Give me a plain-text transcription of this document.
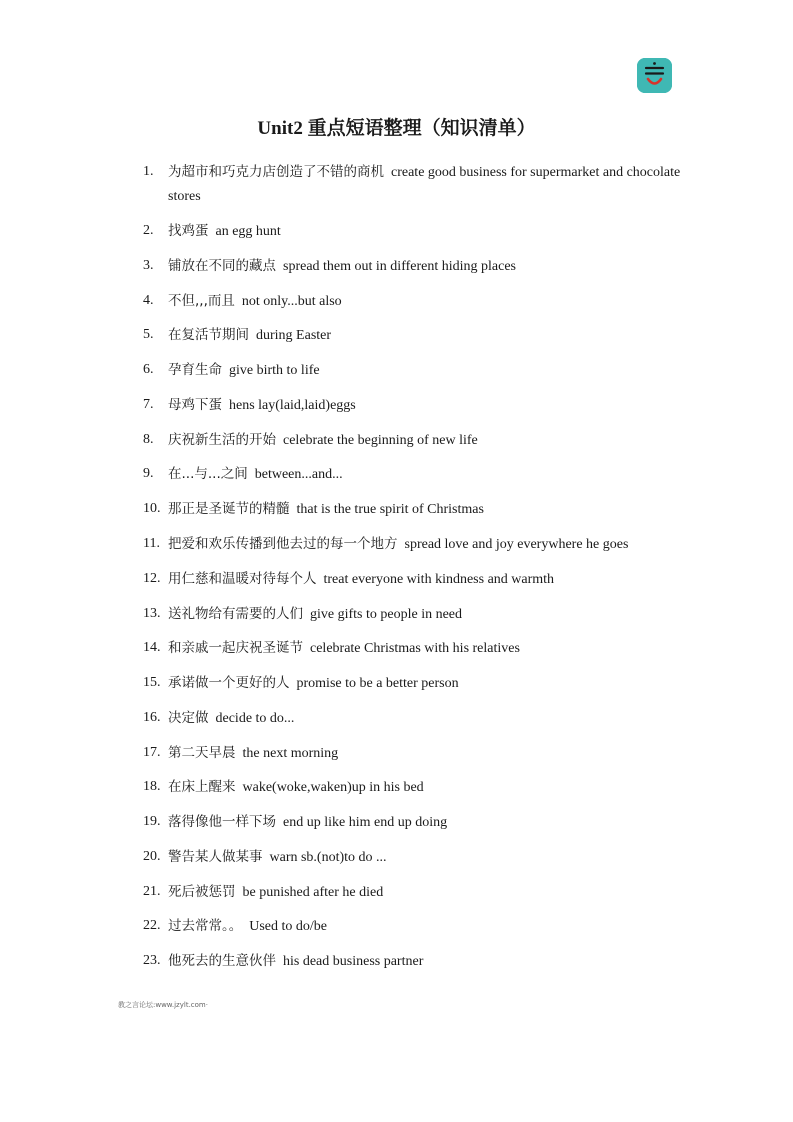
Unit2 重点短语整理（知识清单）
1. 为超市和巧克力店创造了不错的商机 create good business for supermarket and chocolate stores
2. 找鸡蛋 an egg hunt
3. 铺放在不同的藏点 spread them out in different hiding places
4. 不但,,,而且 not only...but also
5. 在复活节期间 during Easter
6. 孕育生命 give birth to life
7. 母鸡下蛋 hens lay(laid,laid)eggs
8. 庆祝新生活的开始 celebrate the beginning of new life
9. 在...与...之间 between...and...
10. 那正是圣诞节的精髓 that is the true spirit of Christmas
11. 把爱和欢乐传播到他去过的每一个地方 spread love and joy everywhere he goes
12. 用仁慈和温暖对待每个人 treat everyone with kindness and warmth
13. 送礼物给有需要的人们 give gifts to people in need
14. 和亲戚一起庆祝圣诞节 celebrate Christmas with his relatives
15. 承诺做一个更好的人 promise to be a better person
16. 决定做 decide to do...
17. 第二天早晨 the next morning
18. 在床上醒来 wake(woke,waken)up in his bed
19. 落得像他一样下场 end up like him end up doing
20. 警告某人做某事 warn sb.(not)to do ...
21. 死后被惩罚 be punished after he died
22. 过去常常。。 Used to do/be
23. 他死去的生意伙伴 his dead business partner
教之言论坛:www.jzylt.com·
